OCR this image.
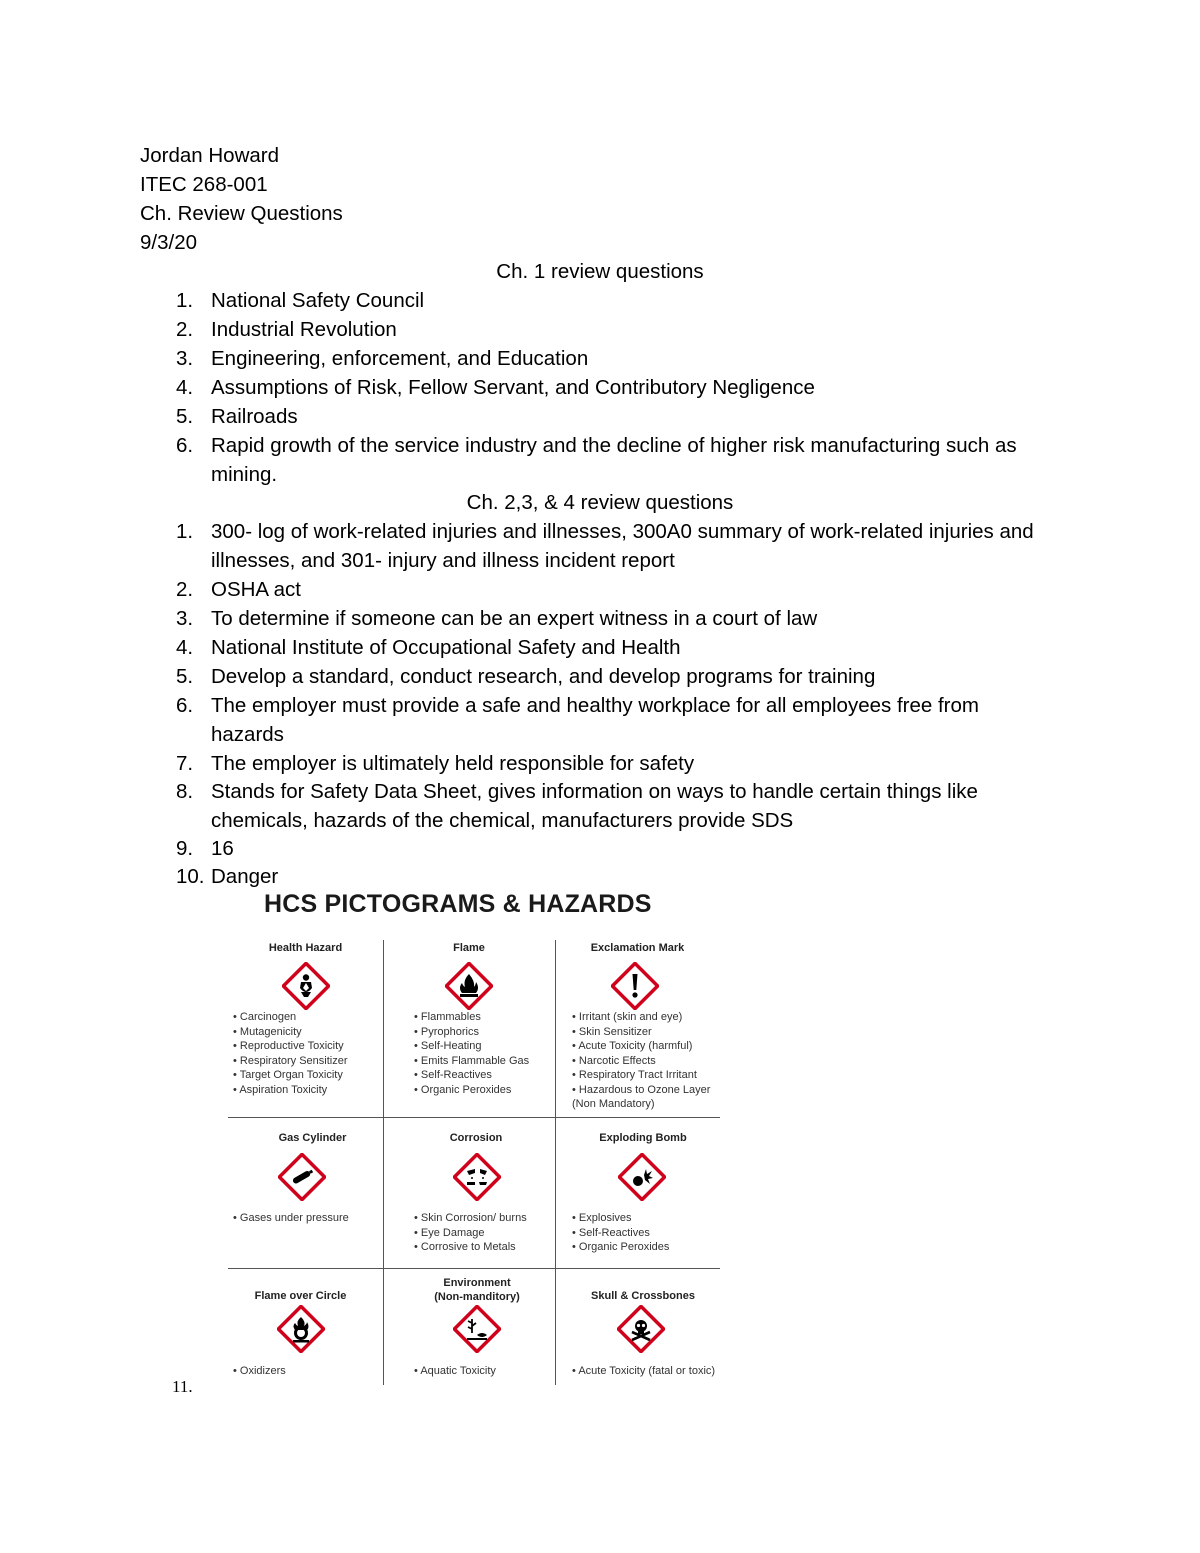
Jordan Howard
ITEC 268-001
Ch. Review Questions
9/3/20
Ch. 1 review questions
1. National Safety Council
2. Industrial Revolution
3. Engineering, enforcement, and Education
4. Assumptions of Risk, Fellow Servant, and Contributory Negligence
5. Railroads
6. Rapid growth of the service industry and the decline of higher risk manufacturing such as mining.
Ch. 2,3, & 4 review questions
1. 300- log of work-related injuries and illnesses, 300A0 summary of work-related injuries and illnesses, and 301- injury and illness incident report
2. OSHA act
3. To determine if someone can be an expert witness in a court of law
4. National Institute of Occupational Safety and Health
5. Develop a standard, conduct research, and develop programs for training
6. The employer must provide a safe and healthy workplace for all employees free from hazards
7. The employer is ultimately held responsible for safety
8. Stands for Safety Data Sheet, gives information on ways to handle certain things like chemicals, hazards of the chemical, manufacturers provide SDS
9. 16
10. Danger
HCS PICTOGRAMS & HAZARDS
Health Hazard
• Carcinogen
• Mutagenicity
• Reproductive Toxicity
• Respiratory Sensitizer
• Target Organ Toxicity
• Aspiration Toxicity
Flame
• Flammables
• Pyrophorics
• Self-Heating
• Emits Flammable Gas
• Self-Reactives
• Organic Peroxides
Exclamation Mark
• Irritant (skin and eye)
• Skin Sensitizer
• Acute Toxicity (harmful)
• Narcotic Effects
• Respiratory Tract Irritant
• Hazardous to Ozone Layer
(Non Mandatory)
Gas Cylinder
• Gases under pressure
Corrosion
• Skin Corrosion/ burns
• Eye Damage
• Corrosive to Metals
Exploding Bomb
• Explosives
• Self-Reactives
• Organic Peroxides
Flame over Circle
• Oxidizers
Environment
(Non-manditory)
• Aquatic Toxicity
Skull & Crossbones
• Acute Toxicity (fatal or toxic)
11.
